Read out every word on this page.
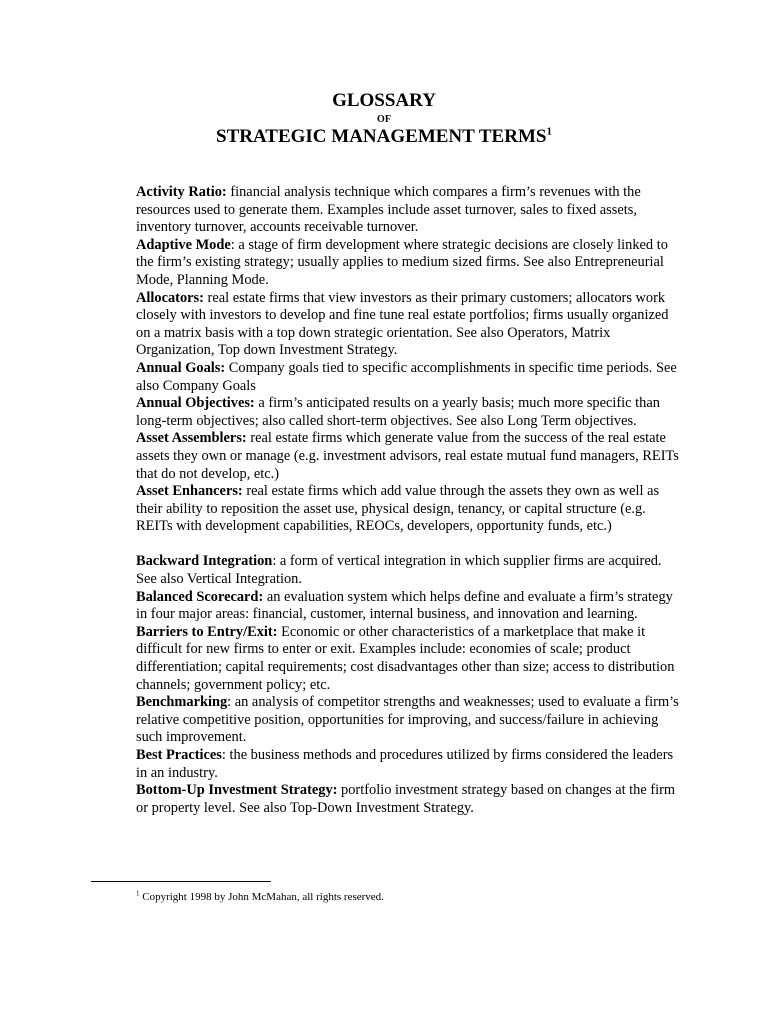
GLOSSARY
OF
STRATEGIC MANAGEMENT TERMS$^1$

Activity Ratio: financial analysis technique which compares a firm’s revenues with the resources used to generate them. Examples include asset turnover, sales to fixed assets, inventory turnover, accounts receivable turnover.

Adaptive Mode: a stage of firm development where strategic decisions are closely linked to the firm’s existing strategy; usually applies to medium sized firms. See also Entrepreneurial Mode, Planning Mode.

Allocators: real estate firms that view investors as their primary customers; allocators work closely with investors to develop and fine tune real estate portfolios; firms usually organized on a matrix basis with a top down strategic orientation. See also Operators, Matrix Organization, Top down Investment Strategy.

Annual Goals: Company goals tied to specific accomplishments in specific time periods. See also Company Goals

Annual Objectives: a firm’s anticipated results on a yearly basis; much more specific than long-term objectives; also called short-term objectives. See also Long Term objectives.

Asset Assemblers: real estate firms which generate value from the success of the real estate assets they own or manage (e.g. investment advisors, real estate mutual fund managers, REITs that do not develop, etc.)

Asset Enhancers: real estate firms which add value through the assets they own as well as their ability to reposition the asset use, physical design, tenancy, or capital structure (e.g. REITs with development capabilities, REOCs, developers, opportunity funds, etc.)

Backward Integration: a form of vertical integration in which supplier firms are acquired. See also Vertical Integration.

Balanced Scorecard: an evaluation system which helps define and evaluate a firm’s strategy in four major areas: financial, customer, internal business, and innovation and learning.

Barriers to Entry/Exit: Economic or other characteristics of a marketplace that make it difficult for new firms to enter or exit. Examples include: economies of scale; product differentiation; capital requirements; cost disadvantages other than size; access to distribution channels; government policy; etc.

Benchmarking: an analysis of competitor strengths and weaknesses; used to evaluate a firm’s relative competitive position, opportunities for improving, and success/failure in achieving such improvement.

Best Practices: the business methods and procedures utilized by firms considered the leaders in an industry.

Bottom-Up Investment Strategy: portfolio investment strategy based on changes at the firm or property level. See also Top-Down Investment Strategy.

$^1$ Copyright 1998 by John McMahan, all rights reserved.
